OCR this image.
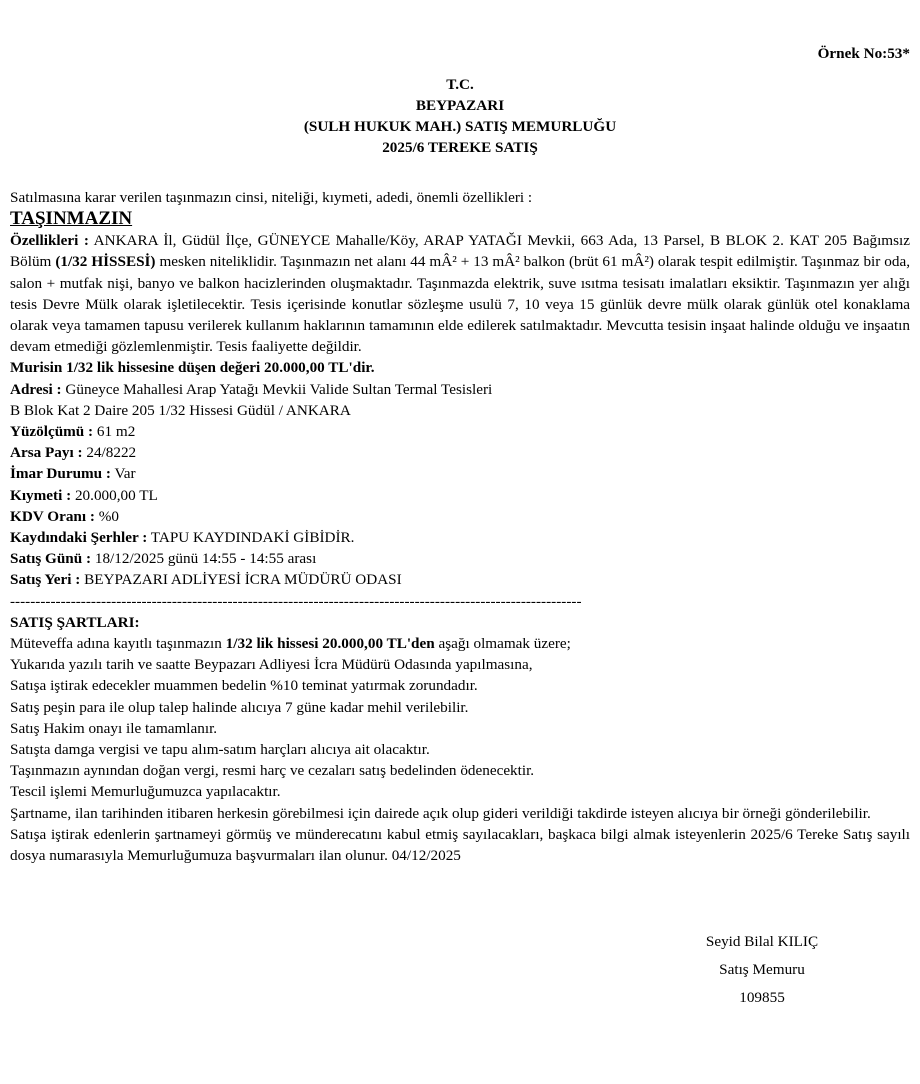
Örnek No:53*
T.C.
BEYPAZARI
(SULH HUKUK MAH.) SATIŞ MEMURLUĞU
2025/6 TEREKE SATIŞ
Satılmasına karar verilen taşınmazın cinsi, niteliği, kıymeti, adedi, önemli özellikleri :
TAŞINMAZIN
Özellikleri : ANKARA İl, Güdül İlçe, GÜNEYCE Mahalle/Köy, ARAP YATAĞI Mevkii, 663 Ada, 13 Parsel, B BLOK 2. KAT 205 Bağımsız Bölüm (1/32 HİSSESİ) mesken niteliklidir. Taşınmazın net alanı 44 mÂ² + 13 mÂ² balkon (brüt 61 mÂ²) olarak tespit edilmiştir. Taşınmaz bir oda, salon + mutfak nişi, banyo ve balkon hacizlerinden oluşmaktadır. Taşınmazda elektrik, suve ısıtma tesisatı imalatları eksiktir. Taşınmazın yer alığı tesis Devre Mülk olarak işletilecektir. Tesis içerisinde konutlar sözleşme usulü 7, 10 veya 15 günlük devre mülk olarak günlük otel konaklama olarak veya tamamen tapusu verilerek kullanım haklarının tamamının elde edilerek satılmaktadır. Mevcutta tesisin inşaat halinde olduğu ve inşaatın devam etmediği gözlemlenmiştir. Tesis faaliyette değildir.
Murisin 1/32 lik hissesine düşen değeri 20.000,00 TL'dir.
Adresi : Güneyce Mahallesi Arap Yatağı Mevkii Valide Sultan Termal Tesisleri
B Blok Kat 2 Daire 205 1/32 Hissesi Güdül / ANKARA
Yüzölçümü : 61 m2
Arsa Payı : 24/8222
İmar Durumu : Var
Kıymeti : 20.000,00 TL
KDV Oranı : %0
Kaydındaki Şerhler : TAPU KAYDINDAKİ GİBİDİR.
Satış Günü : 18/12/2025 günü 14:55 - 14:55 arası
Satış Yeri : BEYPAZARI ADLİYESİ İCRA MÜDÜRÜ ODASI
-----------------------------------------------------------------------------------------------------------------
SATIŞ ŞARTLARI:
Müteveffa adına kayıtlı taşınmazın 1/32 lik hissesi 20.000,00 TL'den aşağı olmamak üzere;
Yukarıda yazılı tarih ve saatte Beypazarı Adliyesi İcra Müdürü Odasında yapılmasına,
Satışa iştirak edecekler muammen bedelin %10 teminat yatırmak zorundadır.
Satış peşin para ile olup talep halinde alıcıya 7 güne kadar mehil verilebilir.
Satış Hakim onayı ile tamamlanır.
Satışta damga vergisi ve tapu alım-satım harçları alıcıya ait olacaktır.
Taşınmazın aynından doğan vergi, resmi harç ve cezaları satış bedelinden ödenecektir.
Tescil işlemi Memurluğumuzca yapılacaktır.
Şartname, ilan tarihinden itibaren herkesin görebilmesi için dairede açık olup gideri verildiği takdirde isteyen alıcıya bir örneği gönderilebilir.
Satışa iştirak edenlerin şartnameyi görmüş ve münderecatını kabul etmiş sayılacakları, başkaca bilgi almak isteyenlerin 2025/6 Tereke Satış sayılı dosya numarasıyla Memurluğumuza başvurmaları ilan olunur. 04/12/2025
Seyid Bilal KILIÇ
Satış Memuru
109855
